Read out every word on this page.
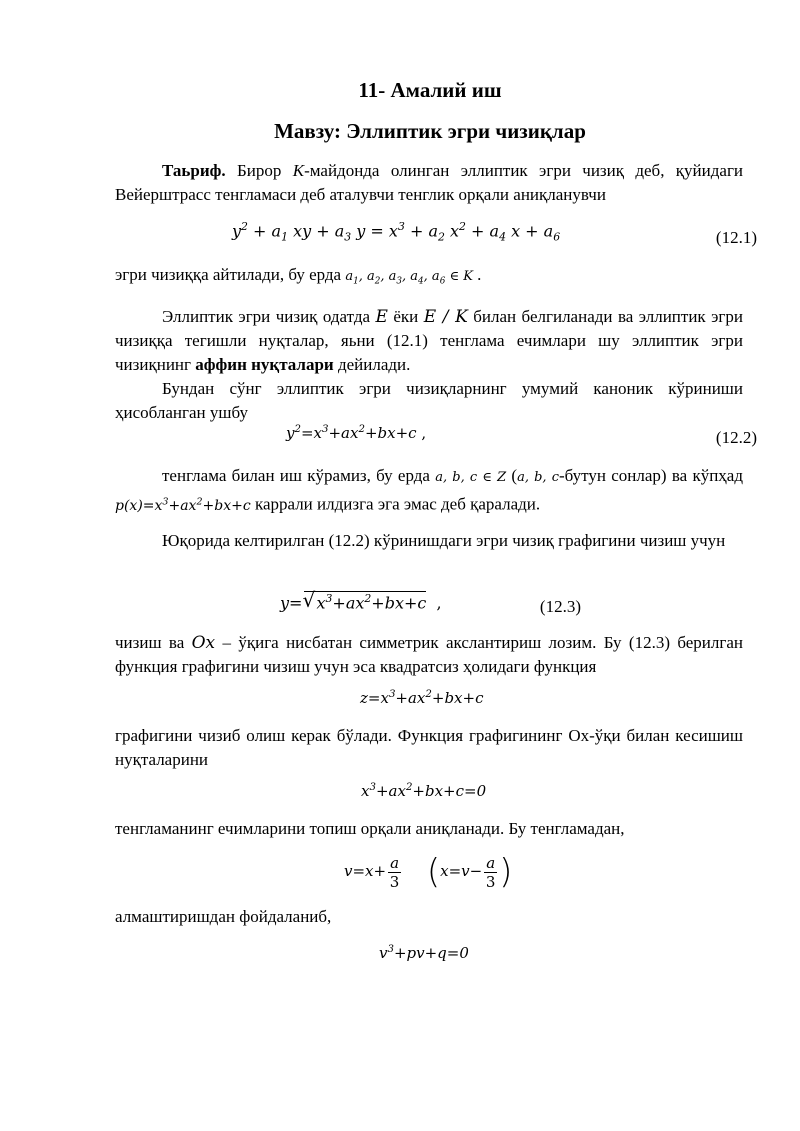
11- Амалий иш
Мавзу: Эллиптик эгри чизиқлар

Таьриф. Бирор K-майдонда олинган эллиптик эгри чизиқ деб, қуйидаги Вейерштрасс тенгламаси деб аталувчи тенглик орқали аниқланувчи

$y^2 + a_1$ xy + $a_3$ $y = x^3 + a_2$ $x^2 + a_4$ $x + a_6$	(12.1)

эгри чизиққа айтилади, бу ерда $a_1$, $a_2$, $a_3$, $a_4$, $a_6$ ∈ K .

Эллиптик эгри чизиқ одатда E ёки E / K билан белгиланади ва эллиптик эгри чизиққа тегишли нуқталар, яьни (12.1) тенглама ечимлари шу эллиптик эгри чизиқнинг аффин нуқталари дейилади.

Бундан сўнг эллиптик эгри чизиқларнинг умумий каноник кўриниши ҳисобланган ушбу

$y^2=x^3+ax^2+bx+c$ ,	(12.2)

тенглама билан иш кўрамиз, бу ерда a, b, c ∈ Z (a, b, c-бутун сонлар) ва кўпҳад $p(x)=x^3+ax^2+bx+c$ каррали илдизга эга эмас деб қаралади.

Юқорида келтирилган (12.2) кўринишдаги эгри чизиқ графигини чизиш учун

y=√ $x^3+ax^2+bx+c$  ,	(12.3)

чизиш ва Ox – ўқига нисбатан симметрик акслантириш лозим. Бу (12.3) берилган функция графигини чизиш учун эса квадратсиз ҳолидаги функция

$z=x^3+ax^2+bx+c$

графигини чизиб олиш керак бўлади. Функция графигининг Ox-ўқи билан кесишиш нуқталарини

$x^3+ax^2+bx+c=0$

тенгламанинг ечимларини топиш орқали аниқланади. Бу тенгламадан,

$v=x+ \frac{a}{3} (x=v- \frac{a}{3}$ )

алмаштиришдан фойдаланиб,

$v^3+pv+q=0$
